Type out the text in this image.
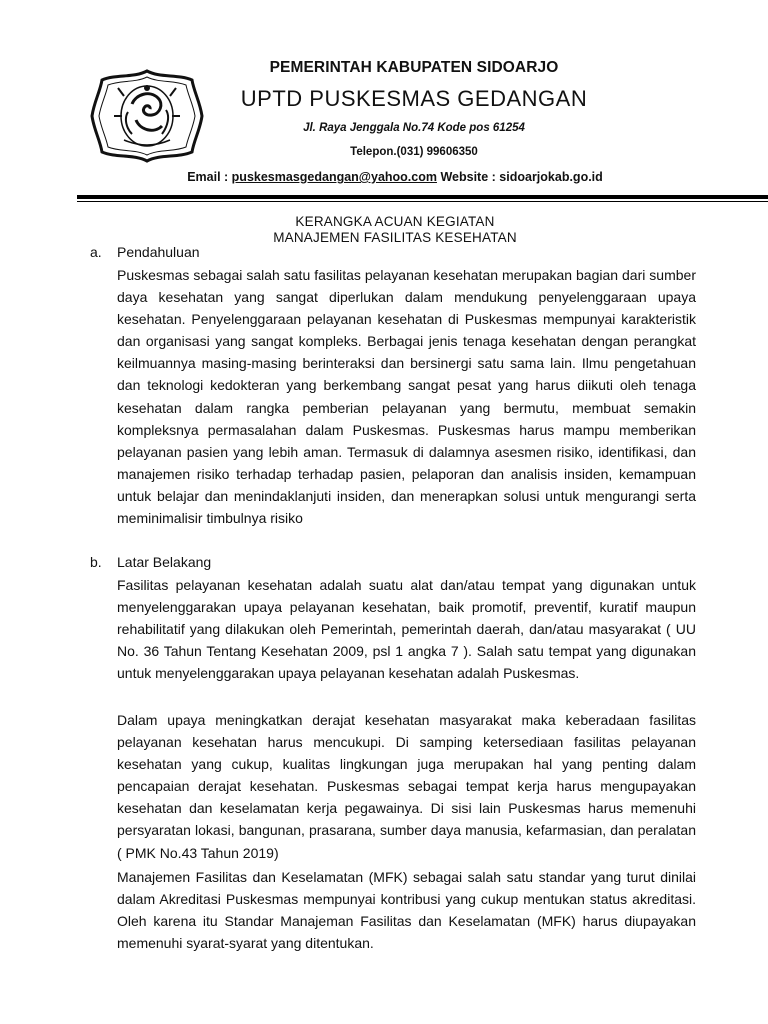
PEMERINTAH KABUPATEN SIDOARJO
UPTD PUSKESMAS GEDANGAN
Jl. Raya Jenggala No.74 Kode pos 61254
Telepon.(031) 99606350
Email : puskesmasgedangan@yahoo.com Website : sidoarjokab.go.id
KERANGKA ACUAN KEGIATAN
MANAJEMEN FASILITAS KESEHATAN
a. Pendahuluan

Puskesmas sebagai salah satu fasilitas pelayanan kesehatan merupakan bagian dari sumber daya kesehatan yang sangat diperlukan dalam mendukung penyelenggaraan upaya kesehatan. Penyelenggaraan pelayanan kesehatan di Puskesmas mempunyai karakteristik dan organisasi yang sangat kompleks. Berbagai jenis tenaga kesehatan dengan perangkat keilmuannya masing-masing berinteraksi dan bersinergi satu sama lain. Ilmu pengetahuan dan teknologi kedokteran yang berkembang sangat pesat yang harus diikuti oleh tenaga kesehatan dalam rangka pemberian pelayanan yang bermutu, membuat semakin kompleksnya permasalahan dalam Puskesmas. Puskesmas harus mampu memberikan pelayanan pasien yang lebih aman. Termasuk di dalamnya asesmen risiko, identifikasi, dan manajemen risiko terhadap terhadap pasien, pelaporan dan analisis insiden, kemampuan untuk belajar dan menindaklanjuti insiden, dan menerapkan solusi untuk mengurangi serta meminimalisir timbulnya risiko

b. Latar Belakang

Fasilitas pelayanan kesehatan adalah suatu alat dan/atau tempat yang digunakan untuk menyelenggarakan upaya pelayanan kesehatan, baik promotif, preventif, kuratif maupun rehabilitatif yang dilakukan oleh Pemerintah, pemerintah daerah, dan/atau masyarakat ( UU No. 36 Tahun Tentang Kesehatan 2009, psl 1 angka 7 ). Salah satu tempat yang digunakan untuk menyelenggarakan upaya pelayanan kesehatan adalah Puskesmas.

Dalam upaya meningkatkan derajat kesehatan masyarakat maka keberadaan fasilitas pelayanan kesehatan harus mencukupi. Di samping ketersediaan fasilitas pelayanan kesehatan yang cukup, kualitas lingkungan juga merupakan hal yang penting dalam pencapaian derajat kesehatan. Puskesmas sebagai tempat kerja harus mengupayakan kesehatan dan keselamatan kerja pegawainya. Di sisi lain Puskesmas harus memenuhi persyaratan lokasi, bangunan, prasarana, sumber daya manusia, kefarmasian, dan peralatan ( PMK No.43 Tahun 2019)

Manajemen Fasilitas dan Keselamatan (MFK) sebagai salah satu standar yang turut dinilai dalam Akreditasi Puskesmas mempunyai kontribusi yang cukup mentukan status akreditasi. Oleh karena itu Standar Manajeman Fasilitas dan Keselamatan (MFK) harus diupayakan memenuhi syarat-syarat yang ditentukan.
